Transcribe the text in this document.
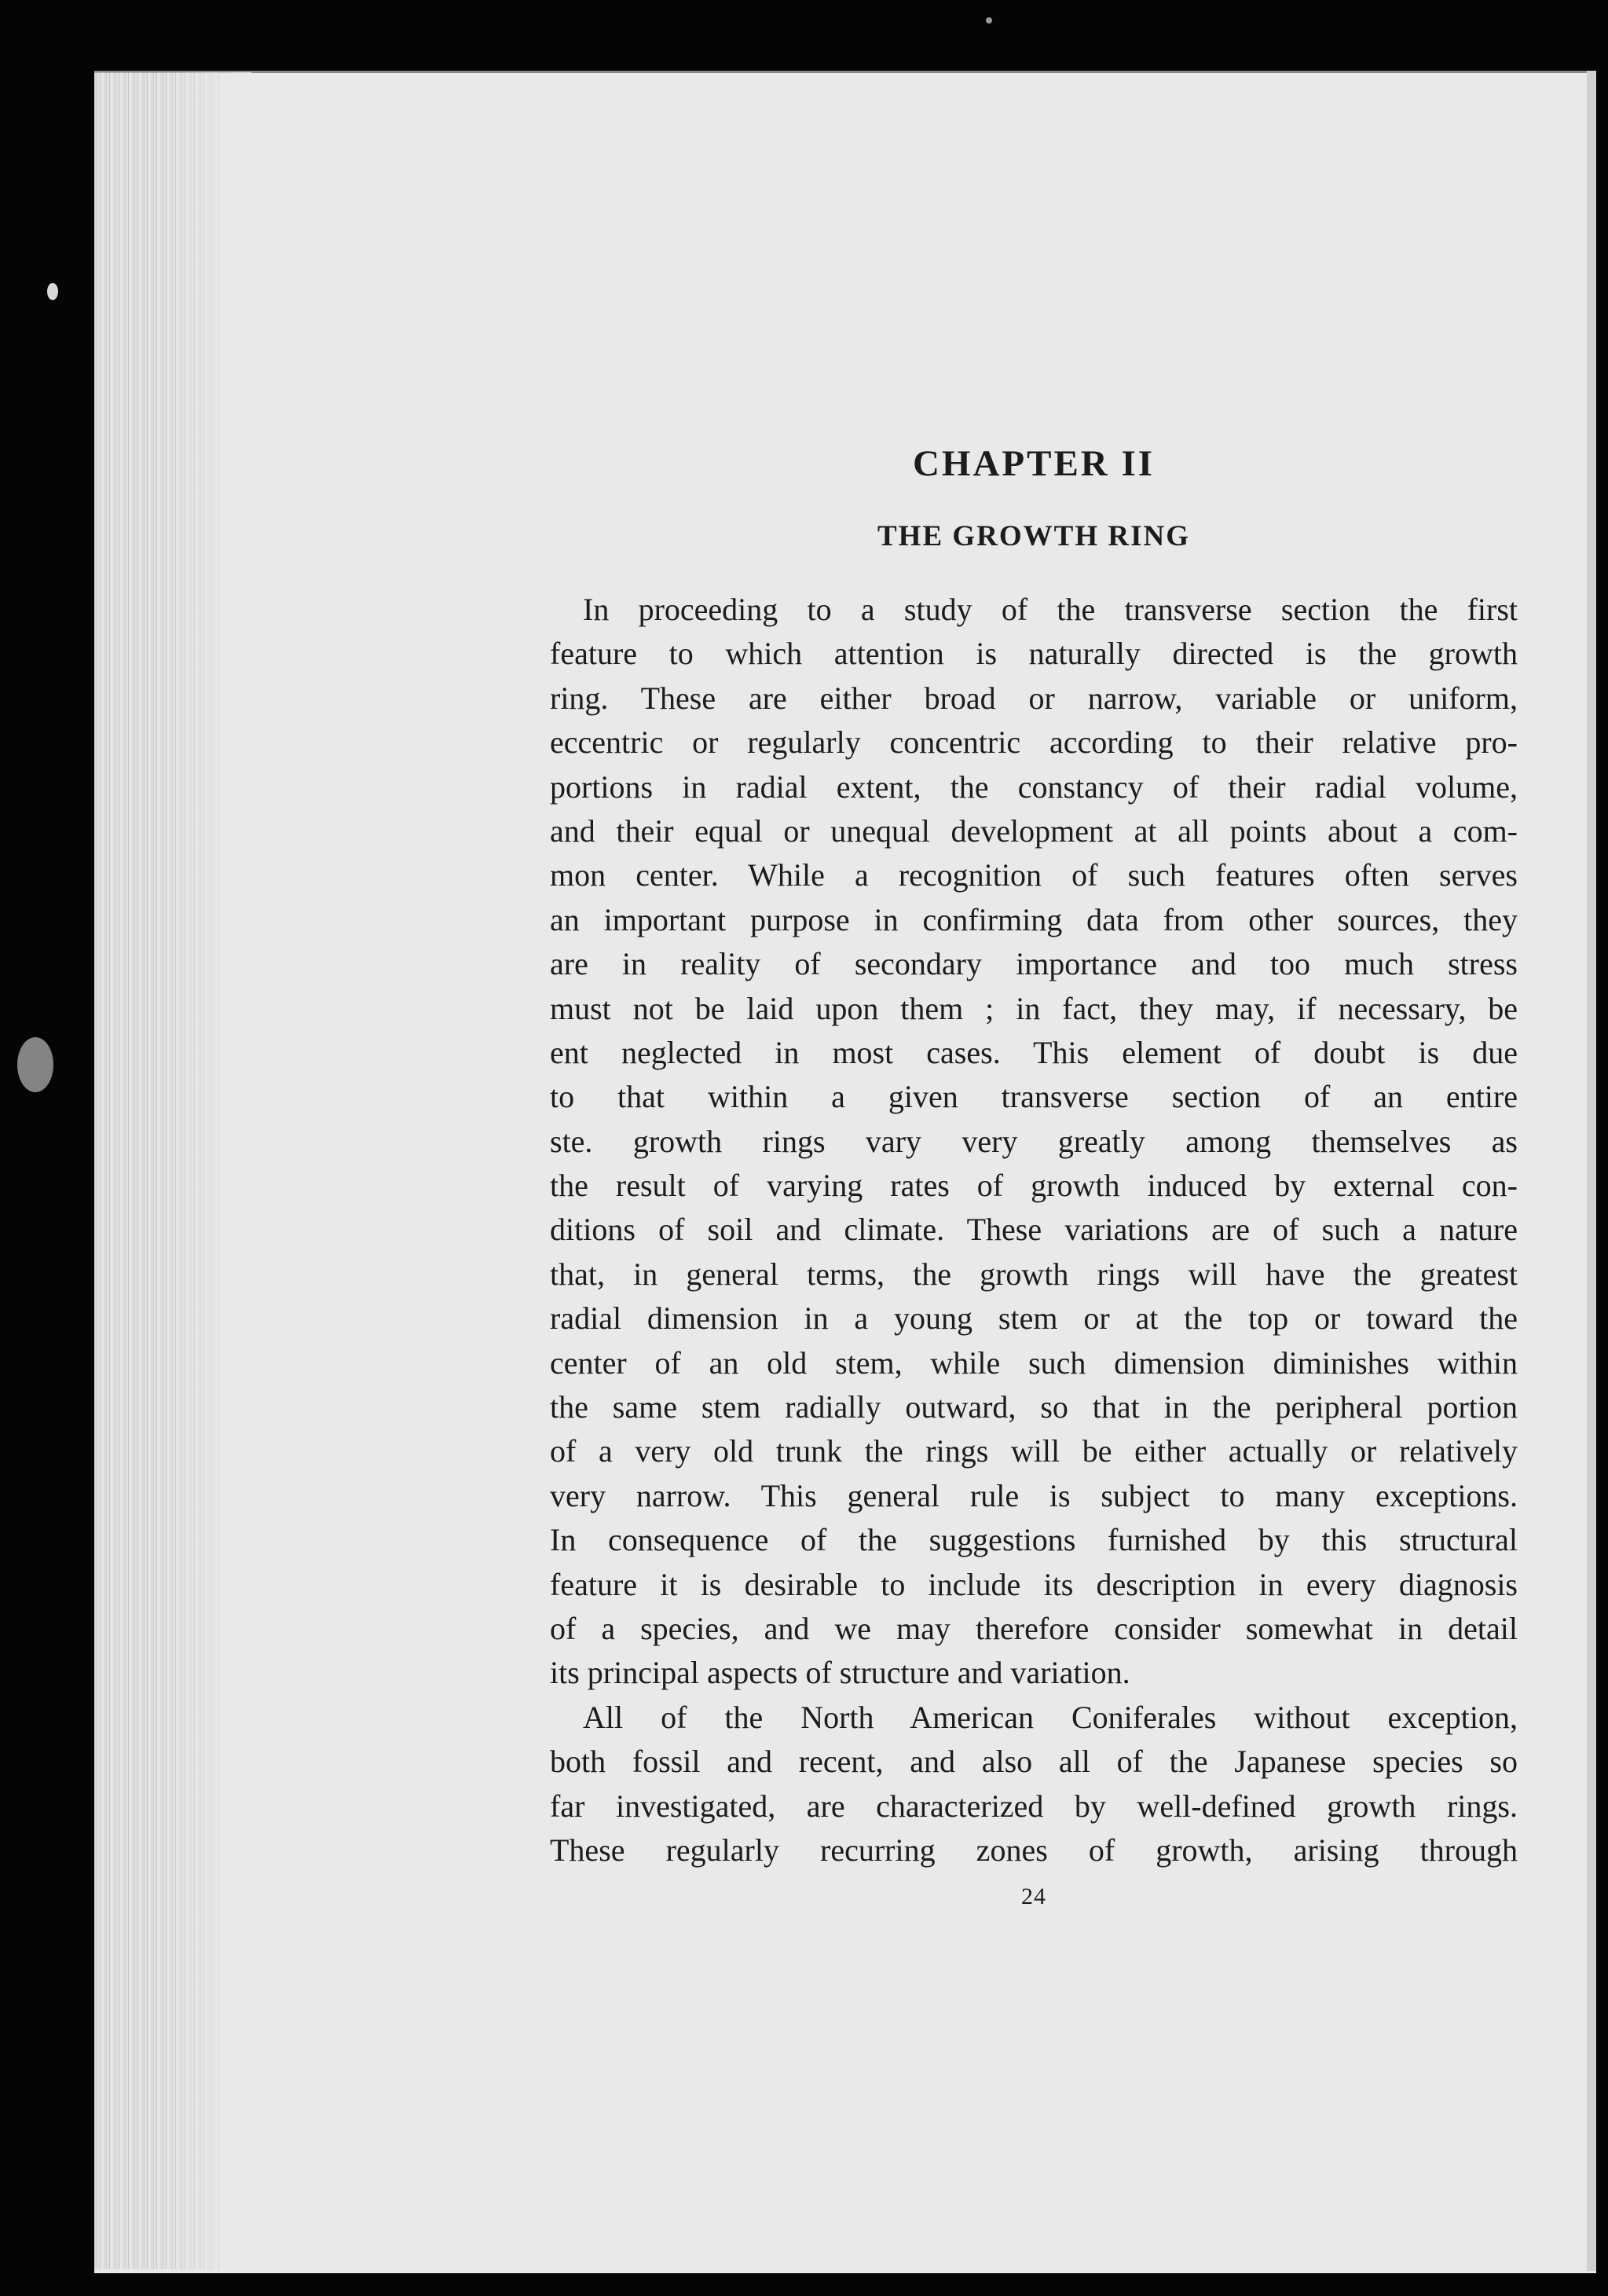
CHAPTER II
THE GROWTH RING
In proceeding to a study of the transverse section the first
feature to which attention is naturally directed is the growth
ring. These are either broad or narrow, variable or uniform,
eccentric or regularly concentric according to their relative pro-
portions in radial extent, the constancy of their radial volume,
and their equal or unequal development at all points about a com-
mon center. While a recognition of such features often serves
an important purpose in confirming data from other sources, they
are in reality of secondary importance and too much stress
must not be laid upon them ; in fact, they may, if necessary, be
ent neglected in most cases. This element of doubt is due
to that within a given transverse section of an entire
ste. growth rings vary very greatly among themselves as
the result of varying rates of growth induced by external con-
ditions of soil and climate. These variations are of such a nature
that, in general terms, the growth rings will have the greatest
radial dimension in a young stem or at the top or toward the
center of an old stem, while such dimension diminishes within
the same stem radially outward, so that in the peripheral portion
of a very old trunk the rings will be either actually or relatively
very narrow. This general rule is subject to many exceptions.
In consequence of the suggestions furnished by this structural
feature it is desirable to include its description in every diagnosis
of a species, and we may therefore consider somewhat in detail
its principal aspects of structure and variation.
All of the North American Coniferales without exception,
both fossil and recent, and also all of the Japanese species so
far investigated, are characterized by well-defined growth rings.
These regularly recurring zones of growth, arising through
24
